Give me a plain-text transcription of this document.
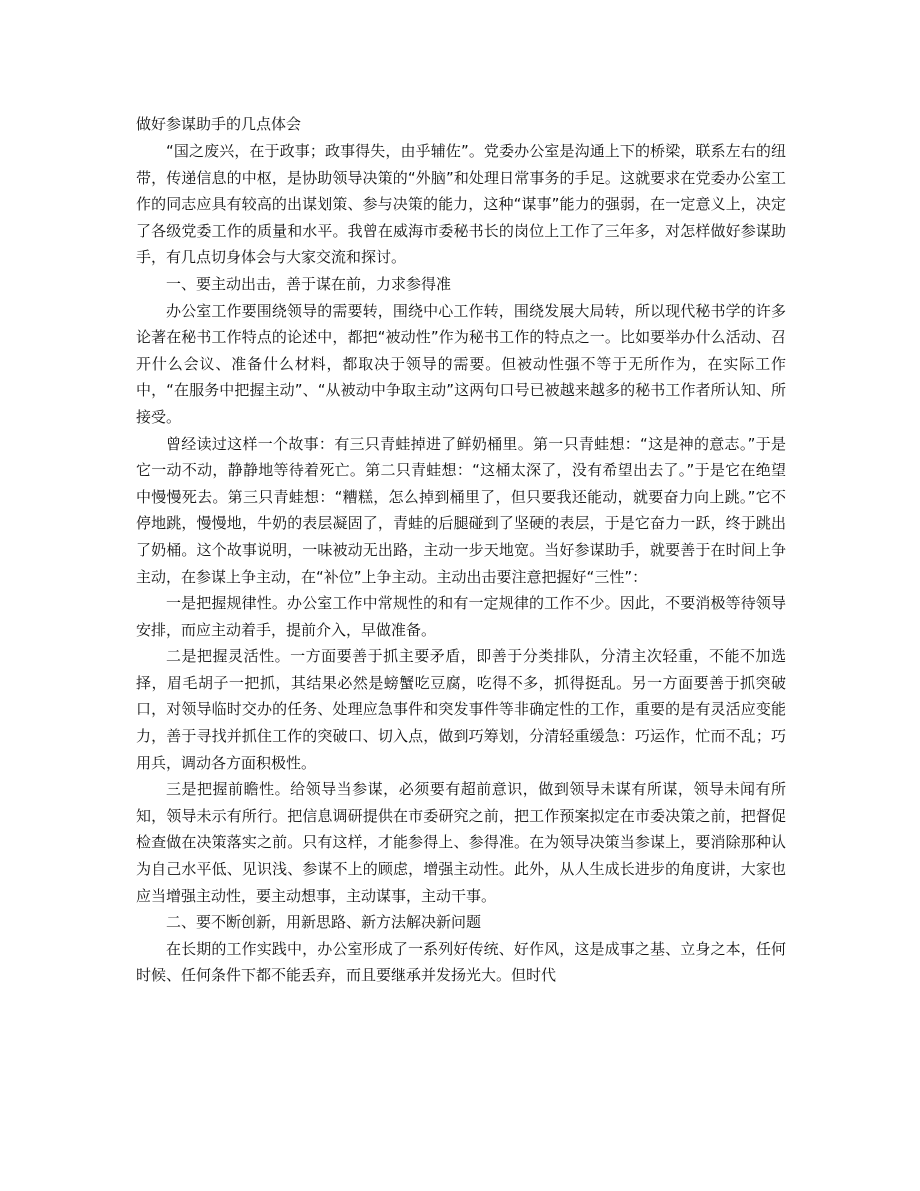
做好参谋助手的几点体会

“国之废兴，在于政事；政事得失，由乎辅佐”。党委办公室是沟通上下的桥梁，联系左右的纽带，传递信息的中枢，是协助领导决策的“外脑”和处理日常事务的手足。这就要求在党委办公室工作的同志应具有较高的出谋划策、参与决策的能力，这种“谋事”能力的强弱，在一定意义上，决定了各级党委工作的质量和水平。我曾在威海市委秘书长的岗位上工作了三年多，对怎样做好参谋助手，有几点切身体会与大家交流和探讨。

一、要主动出击，善于谋在前，力求参得准

办公室工作要围绕领导的需要转，围绕中心工作转，围绕发展大局转，所以现代秘书学的许多论著在秘书工作特点的论述中，都把“被动性”作为秘书工作的特点之一。比如要举办什么活动、召开什么会议、准备什么材料，都取决于领导的需要。但被动性强不等于无所作为，在实际工作中，“在服务中把握主动”、“从被动中争取主动”这两句口号已被越来越多的秘书工作者所认知、所接受。

曾经读过这样一个故事：有三只青蛙掉进了鲜奶桶里。第一只青蛙想：“这是神的意志。”于是它一动不动，静静地等待着死亡。第二只青蛙想：“这桶太深了，没有希望出去了。”于是它在绝望中慢慢死去。第三只青蛙想：“糟糕，怎么掉到桶里了，但只要我还能动，就要奋力向上跳。”它不停地跳，慢慢地，牛奶的表层凝固了，青蛙的后腿碰到了坚硬的表层，于是它奋力一跃，终于跳出了奶桶。这个故事说明，一味被动无出路，主动一步天地宽。当好参谋助手，就要善于在时间上争主动，在参谋上争主动，在“补位”上争主动。主动出击要注意把握好“三性”：

一是把握规律性。办公室工作中常规性的和有一定规律的工作不少。因此，不要消极等待领导安排，而应主动着手，提前介入，早做准备。

二是把握灵活性。一方面要善于抓主要矛盾，即善于分类排队，分清主次轻重，不能不加选择，眉毛胡子一把抓，其结果必然是螃蟹吃豆腐，吃得不多，抓得挺乱。另一方面要善于抓突破口，对领导临时交办的任务、处理应急事件和突发事件等非确定性的工作，重要的是有灵活应变能力，善于寻找并抓住工作的突破口、切入点，做到巧筹划，分清轻重缓急：巧运作，忙而不乱；巧用兵，调动各方面积极性。

三是把握前瞻性。给领导当参谋，必须要有超前意识，做到领导未谋有所谋，领导未闻有所知，领导未示有所行。把信息调研提供在市委研究之前，把工作预案拟定在市委决策之前，把督促检查做在决策落实之前。只有这样，才能参得上、参得准。在为领导决策当参谋上，要消除那种认为自己水平低、见识浅、参谋不上的顾虑，增强主动性。此外，从人生成长进步的角度讲，大家也应当增强主动性，要主动想事，主动谋事，主动干事。

二、要不断创新，用新思路、新方法解决新问题

在长期的工作实践中，办公室形成了一系列好传统、好作风，这是成事之基、立身之本，任何时候、任何条件下都不能丢弃，而且要继承并发扬光大。但时代
